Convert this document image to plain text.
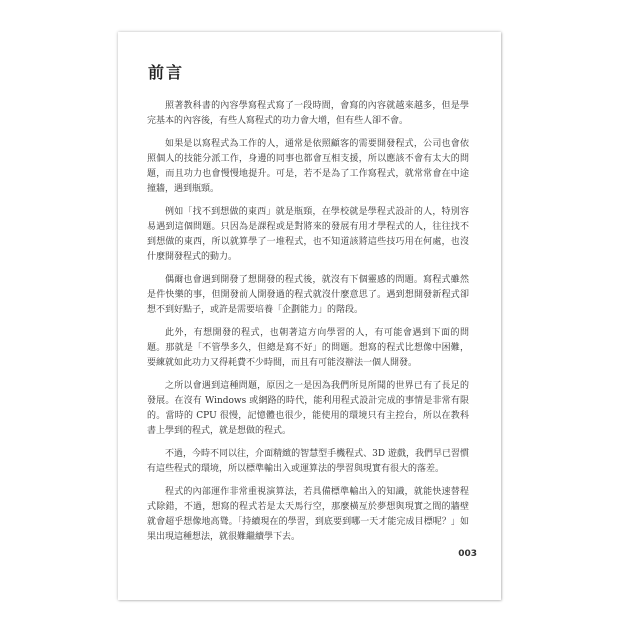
前言

照著教科書的內容學寫程式寫了一段時間，會寫的內容就越來越多，但是學完基本的內容後，有些人寫程式的功力會大增，但有些人卻不會。

如果是以寫程式為工作的人，通常是依照顧客的需要開發程式，公司也會依照個人的技能分派工作，身邊的同事也都會互相支援，所以應該不會有太大的問題，而且功力也會慢慢地提升。可是，若不是為了工作寫程式，就常常會在中途撞牆，遇到瓶頸。

例如「找不到想做的東西」就是瓶頸，在學校就是學程式設計的人，特別容易遇到這個問題。只因為是課程或是對將來的發展有用才學程式的人，往往找不到想做的東西，所以就算學了一堆程式，也不知道該將這些技巧用在何處，也沒什麼開發程式的動力。

偶爾也會遇到開發了想開發的程式後，就沒有下個靈感的問題。寫程式雖然是件快樂的事，但開發前人開發過的程式就沒什麼意思了。遇到想開發新程式卻想不到好點子，或許是需要培養「企劃能力」的階段。

此外，有想開發的程式，也朝著這方向學習的人，有可能會遇到下面的問題。那就是「不管學多久，但總是寫不好」的問題。想寫的程式比想像中困難，要練就如此功力又得耗費不少時間，而且有可能沒辦法一個人開發。

之所以會遇到這種問題，原因之一是因為我們所見所聞的世界已有了長足的發展。在沒有 Windows 或網路的時代，能利用程式設計完成的事情是非常有限的。當時的 CPU 很慢，記憶體也很少，能使用的環境只有主控台，所以在教科書上學到的程式，就是想做的程式。

不過，今時不同以往，介面精緻的智慧型手機程式、3D 遊戲，我們早已習慣有這些程式的環境，所以標準輸出入或運算法的學習與現實有很大的落差。

程式的內部運作非常重視演算法，若具備標準輸出入的知識，就能快速替程式除錯，不過，想寫的程式若是太天馬行空，那麼橫亙於夢想與現實之間的牆壁就會超乎想像地高聳。「持續現在的學習，到底要到哪一天才能完成目標呢？」如果出現這種想法，就很難繼續學下去。

003
